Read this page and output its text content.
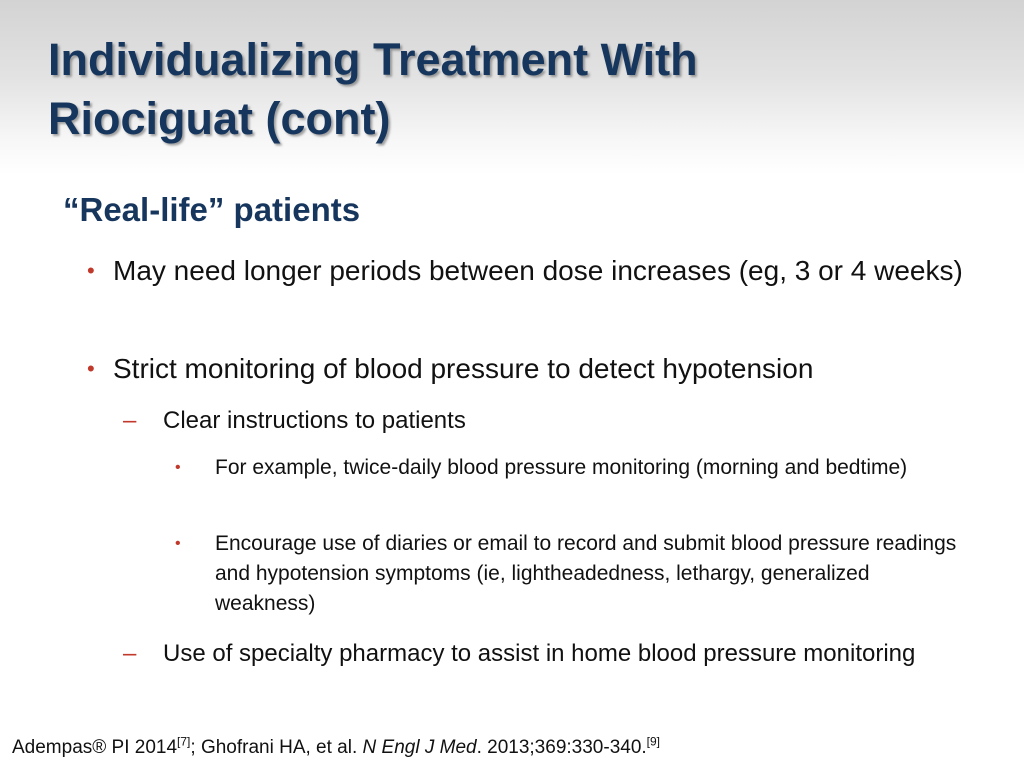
Individualizing Treatment With
Riociguat (cont)
“Real-life” patients
• May need longer periods between dose increases (eg, 3 or 4 weeks)
• Strict monitoring of blood pressure to detect hypotension
– Clear instructions to patients
• For example, twice-daily blood pressure monitoring (morning and bedtime)
• Encourage use of diaries or email to record and submit blood pressure readings and hypotension symptoms (ie, lightheadedness, lethargy, generalized weakness)
– Use of specialty pharmacy to assist in home blood pressure monitoring
Adempas® PI 2014[7]; Ghofrani HA, et al. N Engl J Med. 2013;369:330-340.[9]
